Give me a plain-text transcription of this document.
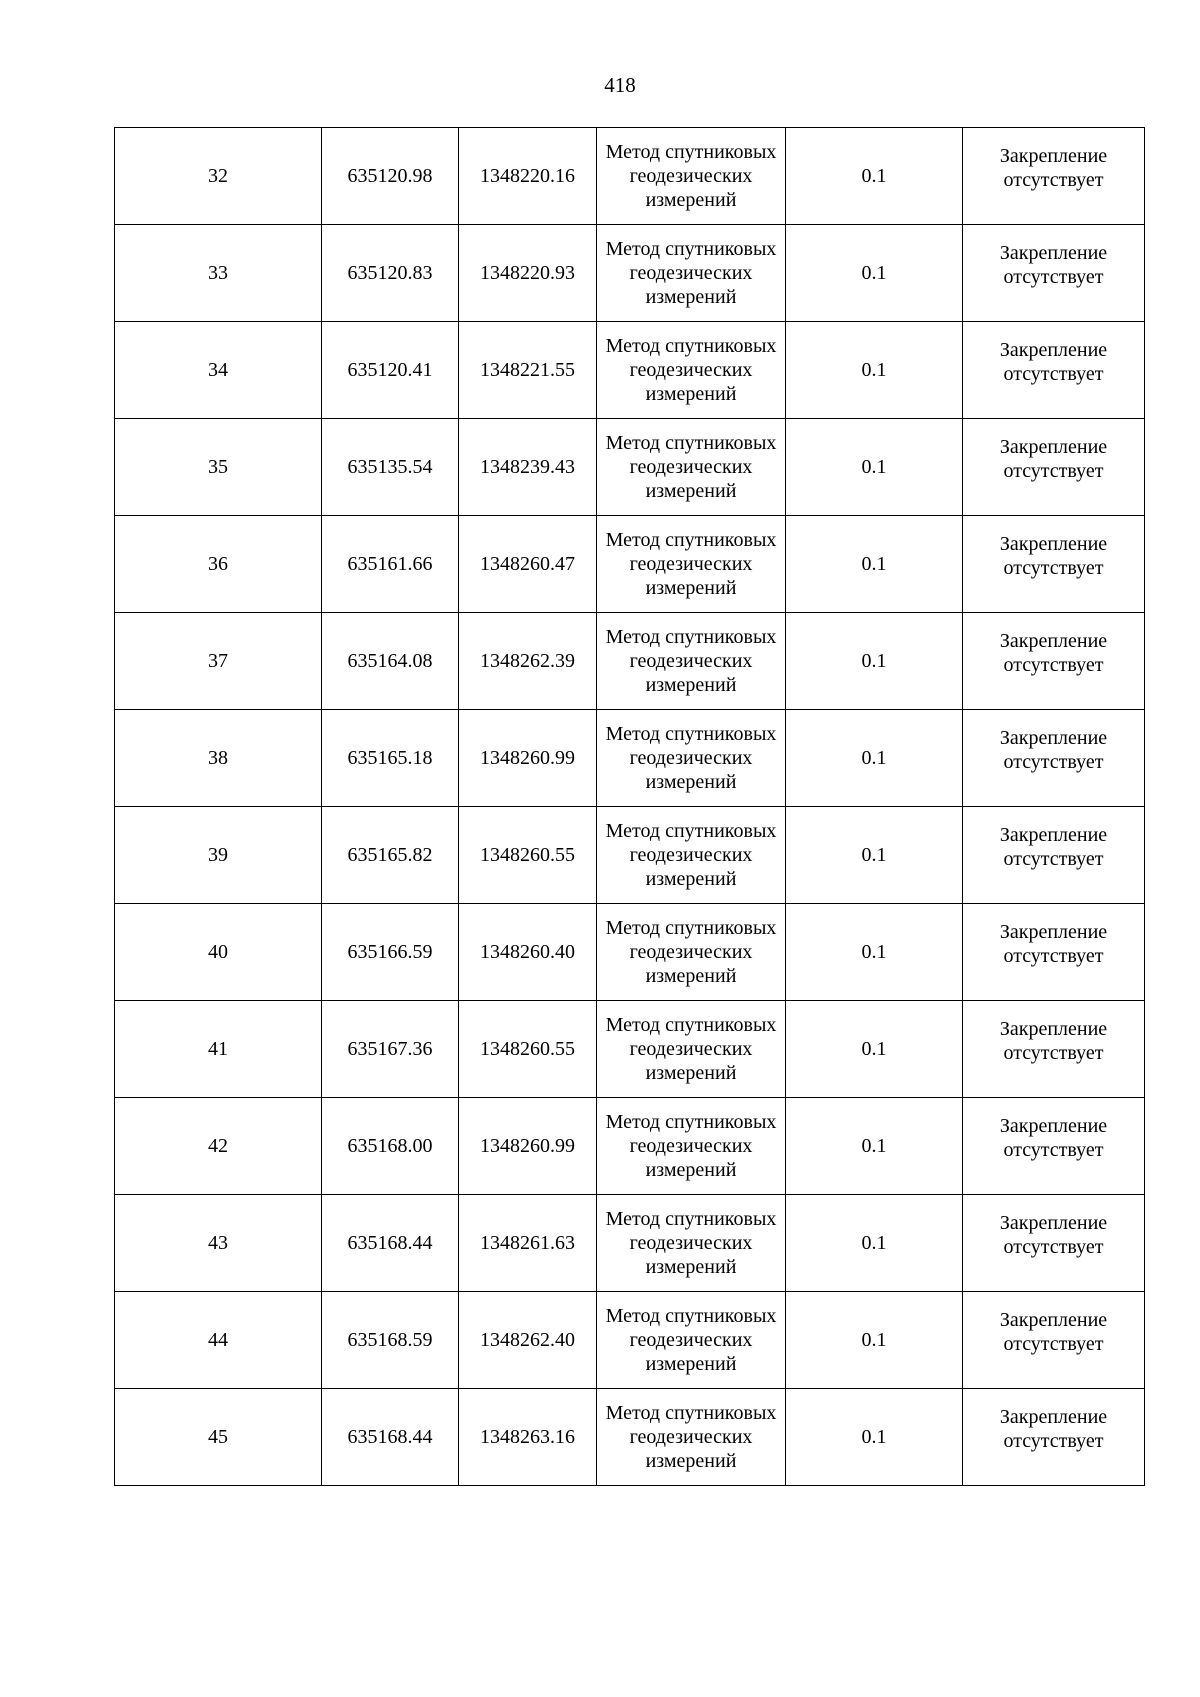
418
32	635120.98	1348220.16	Метод спутниковых геодезических измерений	0.1	Закрепление отсутствует

33	635120.83	1348220.93	Метод спутниковых геодезических измерений	0.1	Закрепление отсутствует

34	635120.41	1348221.55	Метод спутниковых геодезических измерений	0.1	Закрепление отсутствует

35	635135.54	1348239.43	Метод спутниковых геодезических измерений	0.1	Закрепление отсутствует

36	635161.66	1348260.47	Метод спутниковых геодезических измерений	0.1	Закрепление отсутствует

37	635164.08	1348262.39	Метод спутниковых геодезических измерений	0.1	Закрепление отсутствует

38	635165.18	1348260.99	Метод спутниковых геодезических измерений	0.1	Закрепление отсутствует

39	635165.82	1348260.55	Метод спутниковых геодезических измерений	0.1	Закрепление отсутствует

40	635166.59	1348260.40	Метод спутниковых геодезических измерений	0.1	Закрепление отсутствует

41	635167.36	1348260.55	Метод спутниковых геодезических измерений	0.1	Закрепление отсутствует

42	635168.00	1348260.99	Метод спутниковых геодезических измерений	0.1	Закрепление отсутствует

43	635168.44	1348261.63	Метод спутниковых геодезических измерений	0.1	Закрепление отсутствует

44	635168.59	1348262.40	Метод спутниковых геодезических измерений	0.1	Закрепление отсутствует

45	635168.44	1348263.16	Метод спутниковых геодезических измерений	0.1	Закрепление отсутствует
